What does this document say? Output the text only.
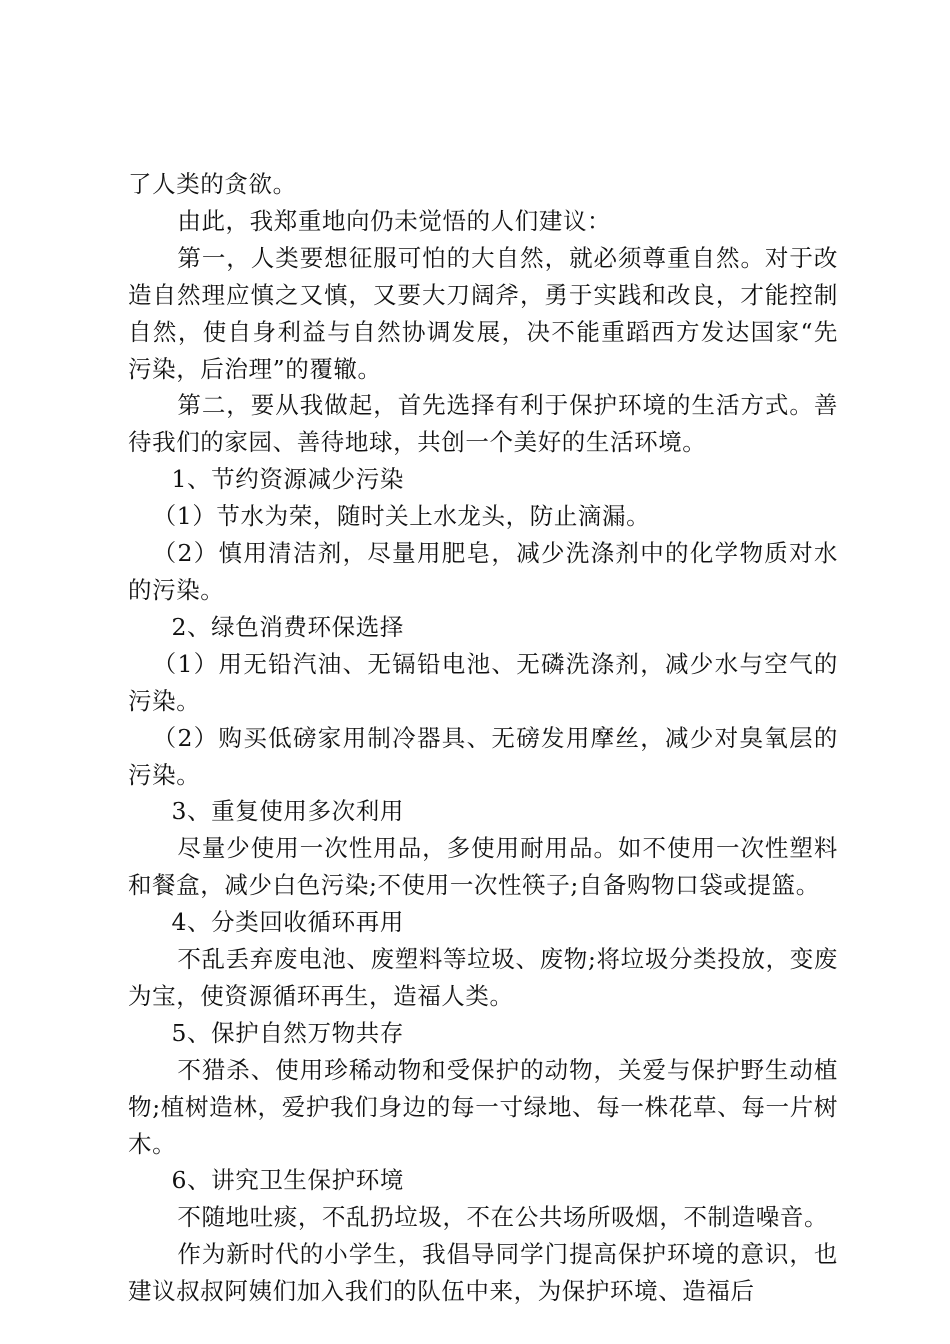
了人类的贪欲。

由此，我郑重地向仍未觉悟的人们建议：

第一，人类要想征服可怕的大自然，就必须尊重自然。对于改造自然理应慎之又慎，又要大刀阔斧，勇于实践和改良，才能控制自然，使自身利益与自然协调发展，决不能重蹈西方发达国家“先污染，后治理”的覆辙。

第二，要从我做起，首先选择有利于保护环境的生活方式。善待我们的家园、善待地球，共创一个美好的生活环境。

1、节约资源减少污染

（1）节水为荣，随时关上水龙头，防止滴漏。

（2）慎用清洁剂，尽量用肥皂，减少洗涤剂中的化学物质对水的污染。

2、绿色消费环保选择

（1）用无铅汽油、无镉铅电池、无磷洗涤剂，减少水与空气的污染。

（2）购买低磅家用制冷器具、无磅发用摩丝，减少对臭氧层的污染。

3、重复使用多次利用

尽量少使用一次性用品，多使用耐用品。如不使用一次性塑料和餐盒，减少白色污染;不使用一次性筷子;自备购物口袋或提篮。

4、分类回收循环再用

不乱丢弃废电池、废塑料等垃圾、废物;将垃圾分类投放，变废为宝，使资源循环再生，造福人类。

5、保护自然万物共存

不猎杀、使用珍稀动物和受保护的动物，关爱与保护野生动植物;植树造林，爱护我们身边的每一寸绿地、每一株花草、每一片树木。

6、讲究卫生保护环境

不随地吐痰，不乱扔垃圾，不在公共场所吸烟，不制造噪音。

作为新时代的小学生，我倡导同学门提高保护环境的意识，也建议叔叔阿姨们加入我们的队伍中来，为保护环境、造福后
